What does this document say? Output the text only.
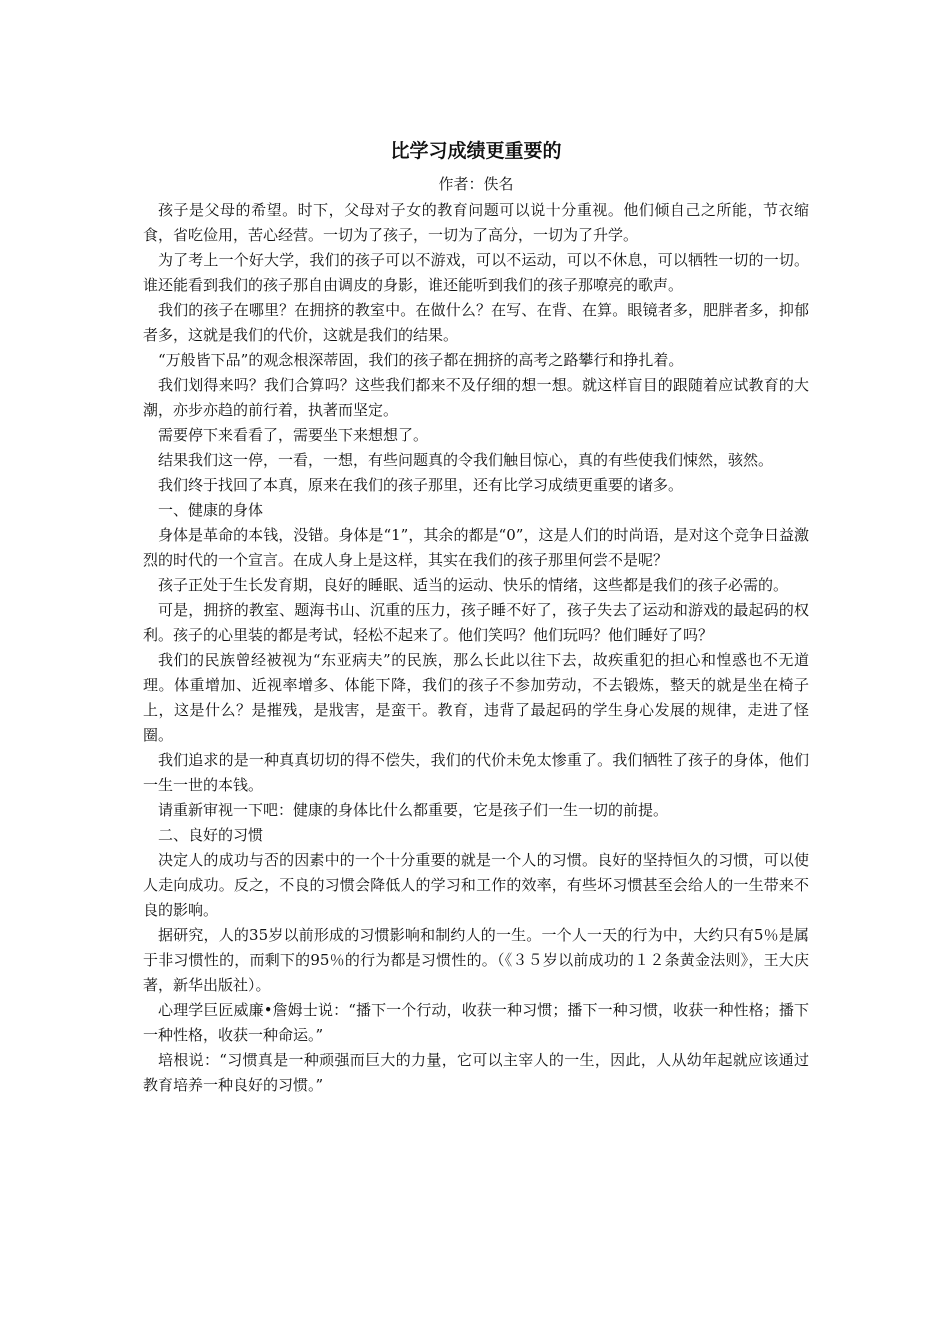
比学习成绩更重要的

作者：佚名

孩子是父母的希望。时下，父母对子女的教育问题可以说十分重视。他们倾自己之所能，节衣缩食，省吃俭用，苦心经营。一切为了孩子，一切为了高分，一切为了升学。

为了考上一个好大学，我们的孩子可以不游戏，可以不运动，可以不休息，可以牺牲一切的一切。谁还能看到我们的孩子那自由调皮的身影，谁还能听到我们的孩子那嘹亮的歌声。

我们的孩子在哪里？在拥挤的教室中。在做什么？在写、在背、在算。眼镜者多，肥胖者多，抑郁者多，这就是我们的代价，这就是我们的结果。

“万般皆下品”的观念根深蒂固，我们的孩子都在拥挤的高考之路攀行和挣扎着。

我们划得来吗？我们合算吗？这些我们都来不及仔细的想一想。就这样盲目的跟随着应试教育的大潮，亦步亦趋的前行着，执著而坚定。

需要停下来看看了，需要坐下来想想了。

结果我们这一停，一看，一想，有些问题真的令我们触目惊心，真的有些使我们悚然，骇然。

我们终于找回了本真，原来在我们的孩子那里，还有比学习成绩更重要的诸多。

一、健康的身体

身体是革命的本钱，没错。身体是“1”，其余的都是“0”，这是人们的时尚语，是对这个竞争日益激烈的时代的一个宣言。在成人身上是这样，其实在我们的孩子那里何尝不是呢？

孩子正处于生长发育期，良好的睡眠、适当的运动、快乐的情绪，这些都是我们的孩子必需的。

可是，拥挤的教室、题海书山、沉重的压力，孩子睡不好了，孩子失去了运动和游戏的最起码的权利。孩子的心里装的都是考试，轻松不起来了。他们笑吗？他们玩吗？他们睡好了吗？

我们的民族曾经被视为“东亚病夫”的民族，那么长此以往下去，故疾重犯的担心和惶惑也不无道理。体重增加、近视率增多、体能下降，我们的孩子不参加劳动，不去锻炼，整天的就是坐在椅子上，这是什么？是摧残，是戕害，是蛮干。教育，违背了最起码的学生身心发展的规律，走进了怪圈。

我们追求的是一种真真切切的得不偿失，我们的代价未免太惨重了。我们牺牲了孩子的身体，他们一生一世的本钱。

请重新审视一下吧：健康的身体比什么都重要，它是孩子们一生一切的前提。

二、良好的习惯

决定人的成功与否的因素中的一个十分重要的就是一个人的习惯。良好的坚持恒久的习惯，可以使人走向成功。反之，不良的习惯会降低人的学习和工作的效率，有些坏习惯甚至会给人的一生带来不良的影响。

据研究，人的35岁以前形成的习惯影响和制约人的一生。一个人一天的行为中，大约只有5％是属于非习惯性的，而剩下的95％的行为都是习惯性的。（《３５岁以前成功的１２条黄金法则》，王大庆著，新华出版社）。

心理学巨匠威廉•詹姆士说：“播下一个行动，收获一种习惯；播下一种习惯，收获一种性格；播下一种性格，收获一种命运。”

培根说：“习惯真是一种顽强而巨大的力量，它可以主宰人的一生，因此，人从幼年起就应该通过教育培养一种良好的习惯。”
